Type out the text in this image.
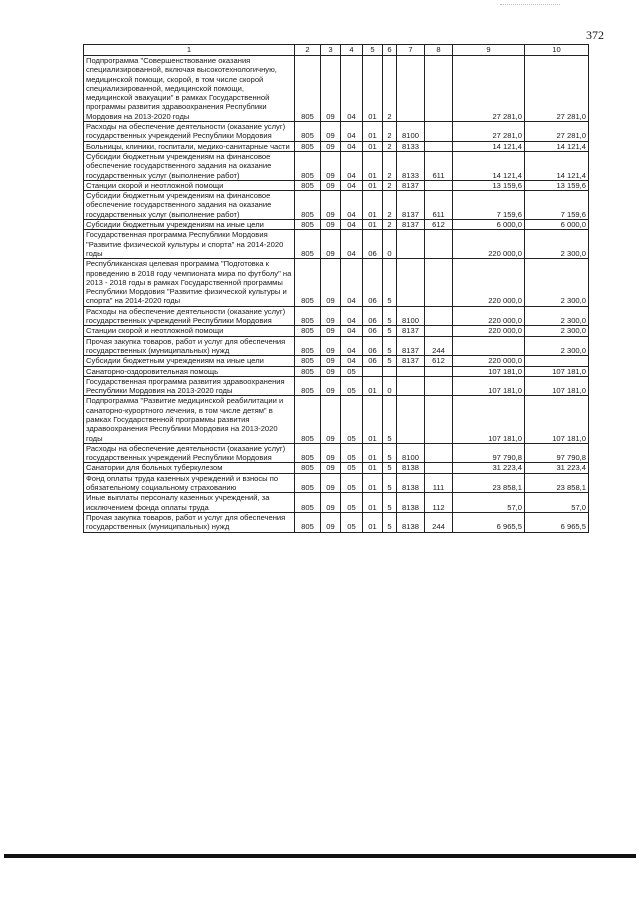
372
1	2	3	4	5	6	7	8	9	10
Подпрограмма "Совершенствование оказания специализированной, включая высокотехнологичную, медицинской помощи, скорой, в том числе скорой специализированной, медицинской помощи, медицинской эвакуации" в рамках Государственной программы развития здравоохранения Республики Мордовия на 2013-2020 годы	805	09	04	01	2			27 281,0	27 281,0
Расходы на обеспечение деятельности (оказание услуг) государственных учреждений Республики Мордовия	805	09	04	01	2	8100		27 281,0	27 281,0
Больницы, клиники, госпитали, медико-санитарные части	805	09	04	01	2	8133		14 121,4	14 121,4
Субсидии бюджетным учреждениям на финансовое обеспечение государственного задания на оказание государственных услуг (выполнение работ)	805	09	04	01	2	8133	611	14 121,4	14 121,4
Станции скорой и неотложной помощи	805	09	04	01	2	8137		13 159,6	13 159,6
Субсидии бюджетным учреждениям на финансовое обеспечение государственного задания на оказание государственных услуг (выполнение работ)	805	09	04	01	2	8137	611	7 159,6	7 159,6
Субсидии бюджетным учреждениям на иные цели	805	09	04	01	2	8137	612	6 000,0	6 000,0
Государственная программа Республики Мордовия "Развитие физической культуры и спорта" на 2014-2020 годы	805	09	04	06	0			220 000,0	2 300,0
Республиканская целевая программа "Подготовка к проведению в 2018 году чемпионата мира по футболу" на 2013 - 2018 годы в рамках Государственной программы Республики Мордовия "Развитие физической культуры и спорта" на 2014-2020 годы	805	09	04	06	5			220 000,0	2 300,0
Расходы на обеспечение деятельности (оказание услуг) государственных учреждений Республики Мордовия	805	09	04	06	5	8100		220 000,0	2 300,0
Станции скорой и неотложной помощи	805	09	04	06	5	8137		220 000,0	2 300,0
Прочая закупка товаров, работ и услуг для обеспечения государственных (муниципальных) нужд	805	09	04	06	5	8137	244		2 300,0
Субсидии бюджетным учреждениям на иные цели	805	09	04	06	5	8137	612	220 000,0	
Санаторно-оздоровительная помощь	805	09	05					107 181,0	107 181,0
Государственная программа развития здравоохранения Республики Мордовия на 2013-2020 годы	805	09	05	01	0			107 181,0	107 181,0
Подпрограмма "Развитие медицинской реабилитации и санаторно-курортного лечения, в том числе детям" в рамках Государственной программы развития здравоохранения Республики Мордовия на 2013-2020 годы	805	09	05	01	5			107 181,0	107 181,0
Расходы на обеспечение деятельности (оказание услуг) государственных учреждений Республики Мордовия	805	09	05	01	5	8100		97 790,8	97 790,8
Санатории для больных туберкулезом	805	09	05	01	5	8138		31 223,4	31 223,4
Фонд оплаты труда казенных учреждений и взносы по обязательному социальному страхованию	805	09	05	01	5	8138	111	23 858,1	23 858,1
Иные выплаты персоналу казенных учреждений, за исключением фонда оплаты труда	805	09	05	01	5	8138	112	57,0	57,0
Прочая закупка товаров, работ и услуг для обеспечения государственных (муниципальных) нужд	805	09	05	01	5	8138	244	6 965,5	6 965,5
